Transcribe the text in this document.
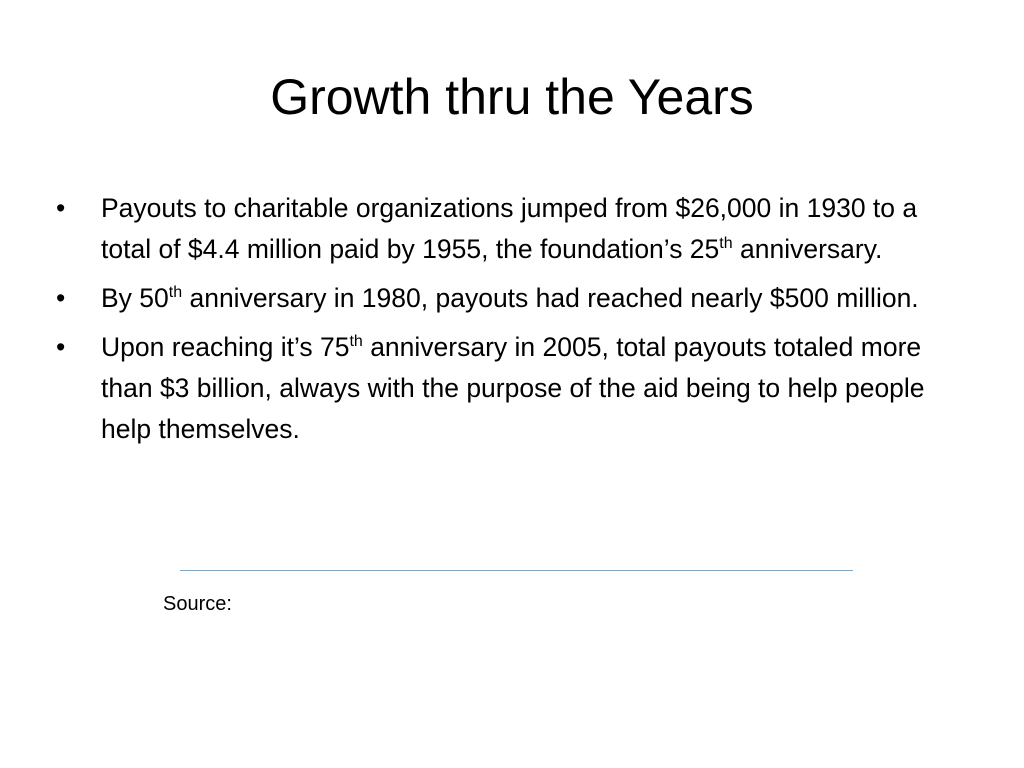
Growth thru the Years
•	Payouts to charitable organizations jumped from $26,000 in 1930 to a total of $4.4 million paid by 1955, the foundation’s 25th anniversary.
•	By 50th anniversary in 1980, payouts had reached nearly $500 million.
•	Upon reaching it’s 75th anniversary in 2005, total payouts totaled more than $3 billion, always with the purpose of the aid being to help people help themselves.
Source:
